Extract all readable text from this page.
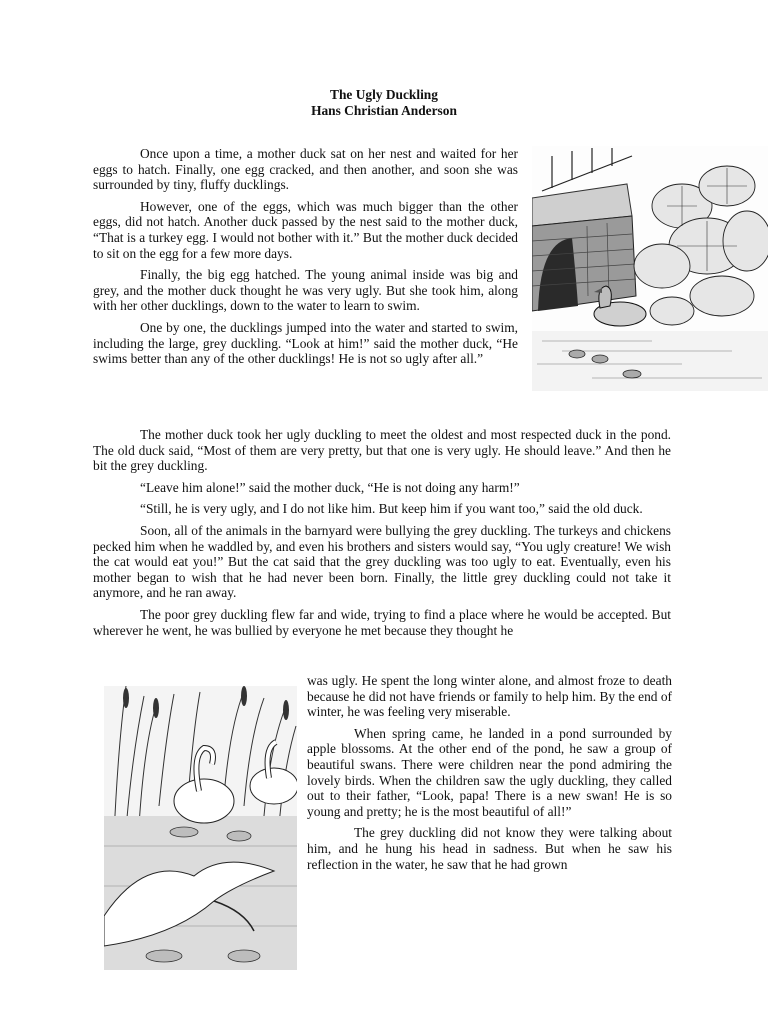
The Ugly Duckling
Hans Christian Anderson

Once upon a time, a mother duck sat on her nest and waited for her eggs to hatch. Finally, one egg cracked, and then another, and soon she was surrounded by tiny, fluffy ducklings.

However, one of the eggs, which was much bigger than the other eggs, did not hatch. Another duck passed by the nest said to the mother duck, “That is a turkey egg. I would not bother with it.” But the mother duck decided to sit on the egg for a few more days.

Finally, the big egg hatched. The young animal inside was big and grey, and the mother duck thought he was very ugly. But she took him, along with her other ducklings, down to the water to learn to swim.

One by one, the ducklings jumped into the water and started to swim, including the large, grey duckling. “Look at him!” said the mother duck, “He swims better than any of the other ducklings! He is not so ugly after all.”

The mother duck took her ugly duckling to meet the oldest and most respected duck in the pond. The old duck said, “Most of them are very pretty, but that one is very ugly. He should leave.” And then he bit the grey duckling.

“Leave him alone!” said the mother duck, “He is not doing any harm!”

“Still, he is very ugly, and I do not like him. But keep him if you want too,” said the old duck.

Soon, all of the animals in the barnyard were bullying the grey duckling. The turkeys and chickens pecked him when he waddled by, and even his brothers and sisters would say, “You ugly creature! We wish the cat would eat you!” But the cat said that the grey duckling was too ugly to eat. Eventually, even his mother began to wish that he had never been born. Finally, the little grey duckling could not take it anymore, and he ran away.

The poor grey duckling flew far and wide, trying to find a place where he would be accepted. But wherever he went, he was bullied by everyone he met because they thought he

was ugly. He spent the long winter alone, and almost froze to death because he did not have friends or family to help him. By the end of winter, he was feeling very miserable.

When spring came, he landed in a pond surrounded by apple blossoms. At the other end of the pond, he saw a group of beautiful swans. There were children near the pond admiring the lovely birds. When the children saw the ugly duckling, they called out to their father, “Look, papa! There is a new swan! He is so young and pretty; he is the most beautiful of all!”

The grey duckling did not know they were talking about him, and he hung his head in sadness. But when he saw his reflection in the water, he saw that he had grown
